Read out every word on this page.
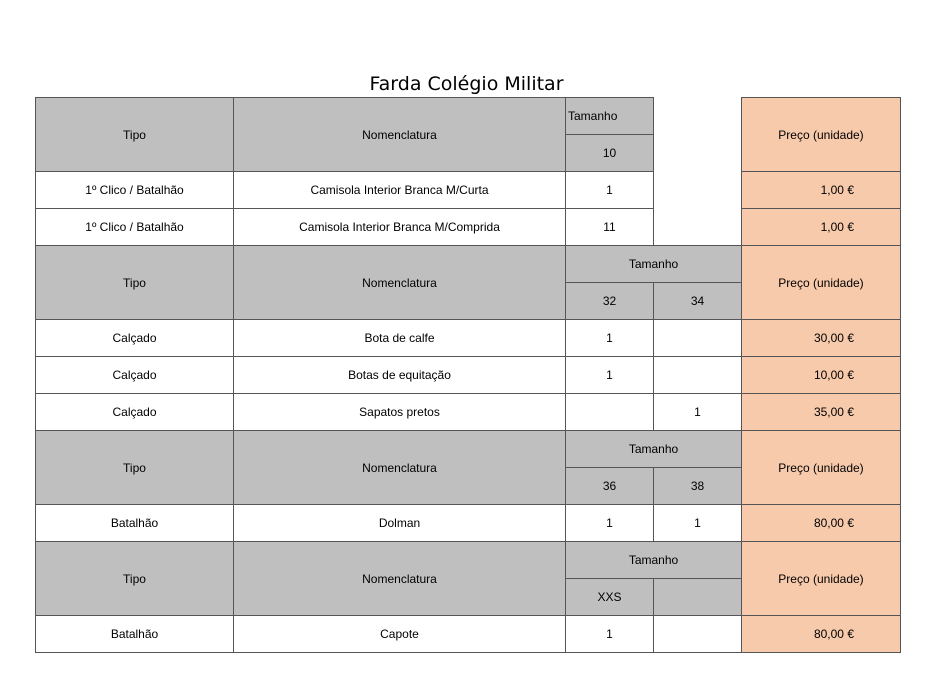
Farda Colégio Militar
Tipo	Nomenclatura	Tamanho		Preço (unidade)
		10		
1º Clico / Batalhão	Camisola Interior Branca M/Curta	1		1,00 €
1º Clico / Batalhão	Camisola Interior Branca M/Comprida	11		1,00 €
Tipo	Nomenclatura	Tamanho		Preço (unidade)
		32	34	
Calçado	Bota de calfe	1		30,00 €
Calçado	Botas de equitação	1		10,00 €
Calçado	Sapatos pretos		1	35,00 €
Tipo	Nomenclatura	Tamanho		Preço (unidade)
		36	38	
Batalhão	Dolman	1	1	80,00 €
Tipo	Nomenclatura	Tamanho		Preço (unidade)
		XXS		
Batalhão	Capote	1		80,00 €
